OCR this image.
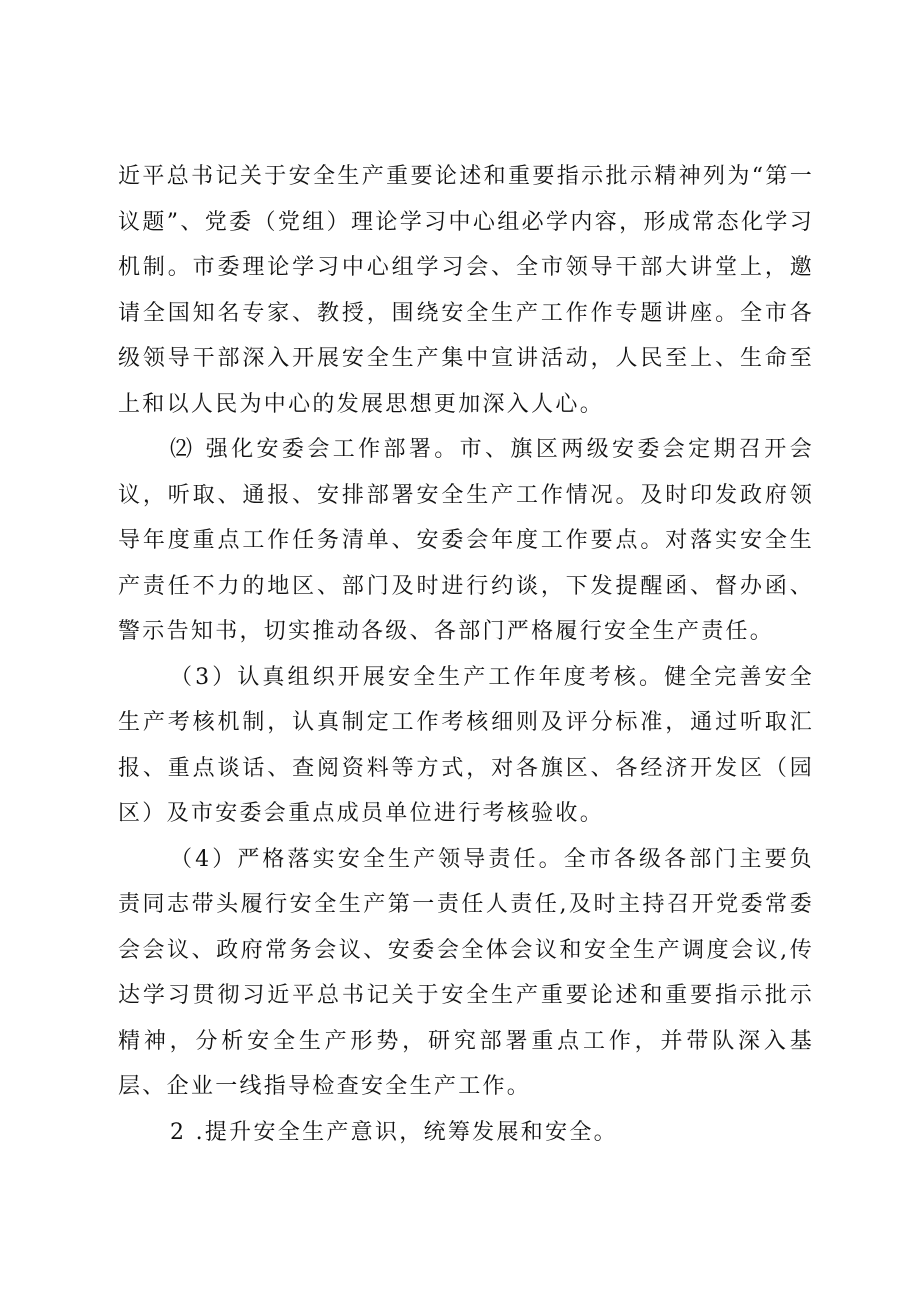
近平总书记关于安全生产重要论述和重要指示批示精神列为“第一议题”、党委（党组）理论学习中心组必学内容，形成常态化学习机制。市委理论学习中心组学习会、全市领导干部大讲堂上，邀请全国知名专家、教授，围绕安全生产工作作专题讲座。全市各级领导干部深入开展安全生产集中宣讲活动，人民至上、生命至上和以人民为中心的发展思想更加深入人心。

⑵ 强化安委会工作部署。市、旗区两级安委会定期召开会议，听取、通报、安排部署安全生产工作情况。及时印发政府领导年度重点工作任务清单、安委会年度工作要点。对落实安全生产责任不力的地区、部门及时进行约谈，下发提醒函、督办函、警示告知书，切实推动各级、各部门严格履行安全生产责任。

（3）认真组织开展安全生产工作年度考核。健全完善安全生产考核机制，认真制定工作考核细则及评分标准，通过听取汇报、重点谈话、查阅资料等方式，对各旗区、各经济开发区（园区）及市安委会重点成员单位进行考核验收。

（4）严格落实安全生产领导责任。全市各级各部门主要负责同志带头履行安全生产第一责任人责任,及时主持召开党委常委会会议、政府常务会议、安委会全体会议和安全生产调度会议,传达学习贯彻习近平总书记关于安全生产重要论述和重要指示批示精神，分析安全生产形势，研究部署重点工作，并带队深入基层、企业一线指导检查安全生产工作。

2 .提升安全生产意识，统筹发展和安全。
